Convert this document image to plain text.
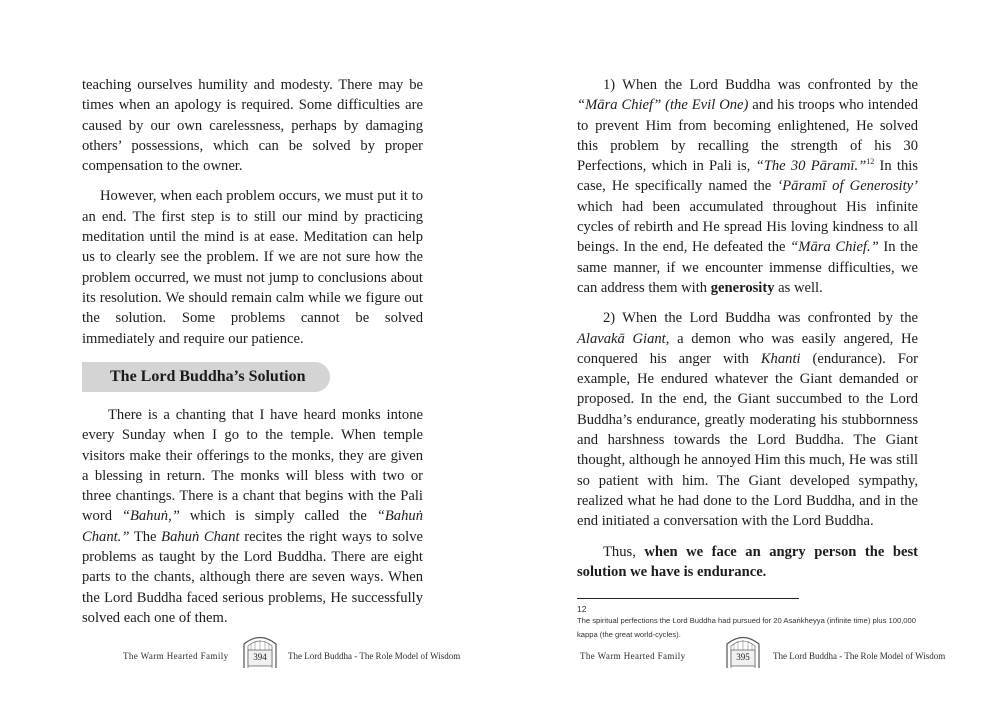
teaching ourselves humility and modesty. There may be times when an apology is required. Some difficulties are caused by our own carelessness, perhaps by damaging others’ possessions, which can be solved by proper compensation to the owner.

However, when each problem occurs, we must put it to an end. The first step is to still our mind by practicing meditation until the mind is at ease. Meditation can help us to clearly see the problem. If we are not sure how the problem occurred, we must not jump to conclusions about its resolution. We should remain calm while we figure out the solution. Some problems cannot be solved immediately and require our patience.

The Lord Buddha’s Solution

There is a chanting that I have heard monks intone every Sunday when I go to the temple. When temple visitors make their offerings to the monks, they are given a blessing in return. The monks will bless with two or three chantings. There is a chant that begins with the Pali word “Bahuṅ,” which is simply called the “Bahuṅ Chant.” The Bahuṅ Chant recites the right ways to solve problems as taught by the Lord Buddha. There are eight parts to the chants, although there are seven ways. When the Lord Buddha faced serious problems, He successfully solved each one of them.

The Warm Hearted Family	394	The Lord Buddha - The Role Model of Wisdom

1) When the Lord Buddha was confronted by the “Māra Chief” (the Evil One) and his troops who intended to prevent Him from becoming enlightened, He solved this problem by recalling the strength of his 30 Perfections, which in Pali is, “The 30 Pāramī.”$^{12}$ In this case, He specifically named the ‘Pāramī of Generosity’ which had been accumulated throughout His infinite cycles of rebirth and He spread His loving kindness to all beings. In the end, He defeated the “Māra Chief.” In the same manner, if we encounter immense difficulties, we can address them with generosity as well.

2) When the Lord Buddha was confronted by the Alavakā Giant, a demon who was easily angered, He conquered his anger with Khanti (endurance). For example, He endured whatever the Giant demanded or proposed. In the end, the Giant succumbed to the Lord Buddha’s endurance, greatly moderating his stubbornness and harshness towards the Lord Buddha. The Giant thought, although he annoyed Him this much, He was still so patient with him. The Giant developed sympathy, realized what he had done to the Lord Buddha, and in the end initiated a conversation with the Lord Buddha.

Thus, when we face an angry person the best solution we have is endurance.

12
The spiritual perfections the Lord Buddha had pursued for 20 Asaṅkheyya (infinite time) plus 100,000 kappa (the great world-cycles).
The Warm Hearted Family	395	The Lord Buddha - The Role Model of Wisdom
